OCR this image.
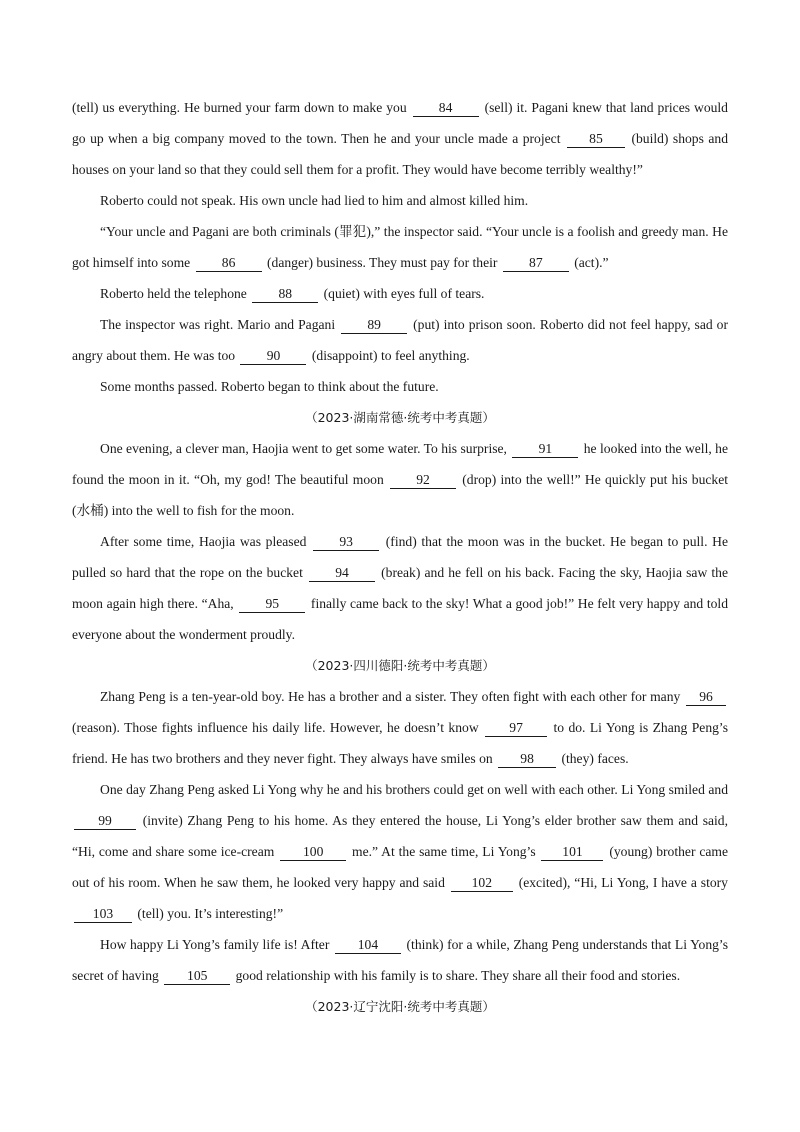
(tell) us everything. He burned your farm down to make you 84 (sell) it. Pagani knew that land prices would go up when a big company moved to the town. Then he and your uncle made a project 85 (build) shops and houses on your land so that they could sell them for a profit. They would have become terribly wealthy!”

Roberto could not speak. His own uncle had lied to him and almost killed him.

“Your uncle and Pagani are both criminals (罪犯),” the inspector said. “Your uncle is a foolish and greedy man. He got himself into some 86 (danger) business. They must pay for their 87 (act).”

Roberto held the telephone 88 (quiet) with eyes full of tears.

The inspector was right. Mario and Pagani 89 (put) into prison soon. Roberto did not feel happy, sad or angry about them. He was too 90 (disappoint) to feel anything.

Some months passed. Roberto began to think about the future.

（2023·湖南常德·统考中考真题）

One evening, a clever man, Haojia went to get some water. To his surprise, 91 he looked into the well, he found the moon in it. “Oh, my god! The beautiful moon 92 (drop) into the well!” He quickly put his bucket (水桶) into the well to fish for the moon.

After some time, Haojia was pleased 93 (find) that the moon was in the bucket. He began to pull. He pulled so hard that the rope on the bucket 94 (break) and he fell on his back. Facing the sky, Haojia saw the moon again high there. “Aha, 95 finally came back to the sky! What a good job!” He felt very happy and told everyone about the wonderment proudly.

（2023·四川德阳·统考中考真题）

Zhang Peng is a ten-year-old boy. He has a brother and a sister. They often fight with each other for many 96 (reason). Those fights influence his daily life. However, he doesn’t know 97 to do. Li Yong is Zhang Peng’s friend. He has two brothers and they never fight. They always have smiles on 98 (they) faces.

One day Zhang Peng asked Li Yong why he and his brothers could get on well with each other. Li Yong smiled and 99 (invite) Zhang Peng to his home. As they entered the house, Li Yong’s elder brother saw them and said, “Hi, come and share some ice-cream 100 me.” At the same time, Li Yong’s 101 (young) brother came out of his room. When he saw them, he looked very happy and said 102 (excited), “Hi, Li Yong, I have a story 103 (tell) you. It’s interesting!”

How happy Li Yong’s family life is! After 104 (think) for a while, Zhang Peng understands that Li Yong’s secret of having 105 good relationship with his family is to share. They share all their food and stories.

（2023·辽宁沈阳·统考中考真题）
